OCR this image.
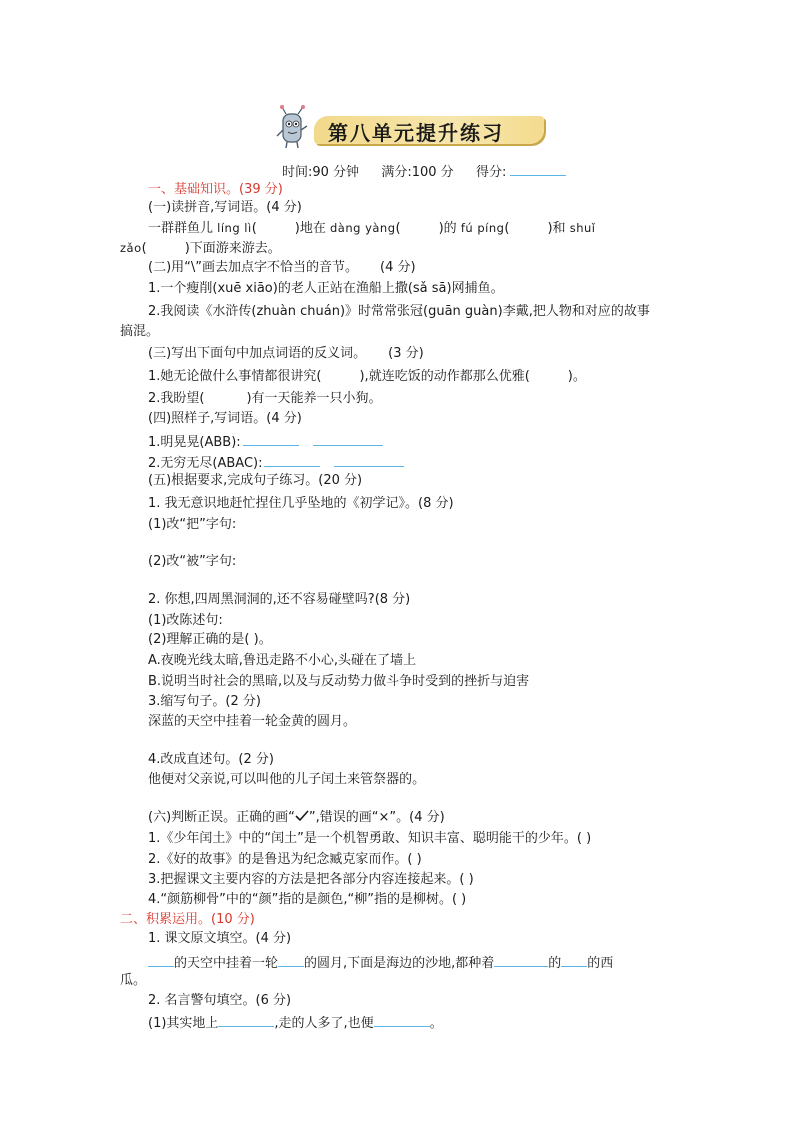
第八单元提升练习
时间:90 分钟 满分:100 分 得分:
一、基础知识。(39 分)
(一)读拼音,写词语。(4 分)
一群群鱼儿 líng lì(	)地在 dàng yàng(	)的 fú píng(	)和 shuǐ
zǎo(	)下面游来游去。
(二)用“\”画去加点字不恰当的音节。 (4 分)
1.一个瘦削(xuē xiāo)的老人正站在渔船上撒(sǎ sā)网捕鱼。
2.我阅读《水浒传(zhuàn chuán)》时常常张冠(guān guàn)李戴,把人物和对应的故事
搞混。
(三)写出下面句中加点词语的反义词。 (3 分)
1.她无论做什么事情都很讲究(	),就连吃饭的动作都那么优雅(	)。
2.我盼望(	)有一天能养一只小狗。
(四)照样子,写词语。(4 分)
1.明晃晃(ABB):
2.无穷无尽(ABAC):
(五)根据要求,完成句子练习。(20 分)
1. 我无意识地赶忙捏住几乎坠地的《初学记》。(8 分)
(1)改“把”字句:
(2)改“被”字句:
2. 你想,四周黑洞洞的,还不容易碰壁吗?(8 分)
(1)改陈述句:
(2)理解正确的是( )。
A.夜晚光线太暗,鲁迅走路不小心,头碰在了墙上
B.说明当时社会的黑暗,以及与反动势力做斗争时受到的挫折与迫害
3.缩写句子。(2 分)
深蓝的天空中挂着一轮金黄的圆月。
4.改成直述句。(2 分)
他便对父亲说,可以叫他的儿子闰土来管祭器的。
(六)判断正误。正确的画“ ”,错误的画“×”。(4 分)
1.《少年闰土》中的“闰土”是一个机智勇敢、知识丰富、聪明能干的少年。( )
2.《好的故事》的是鲁迅为纪念臧克家而作。( )
3.把握课文主要内容的方法是把各部分内容连接起来。( )
4.“颜筋柳骨”中的“颜”指的是颜色,“柳”指的是柳树。( )
二、积累运用。(10 分)
1. 课文原文填空。(4 分)
的天空中挂着一轮 的圆月,下面是海边的沙地,都种着	的 的西
瓜。
2. 名言警句填空。(6 分)
(1)其实地上	,走的人多了,也便	。
